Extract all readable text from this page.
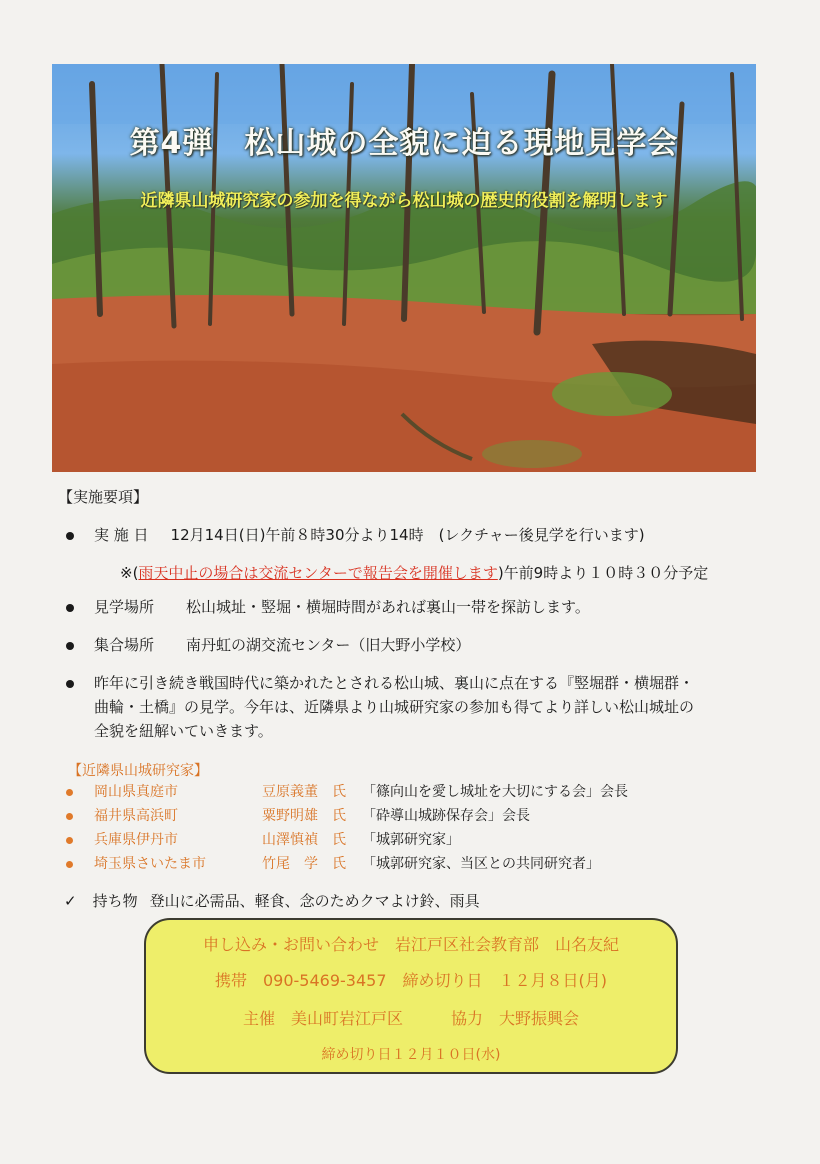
第4弾　松山城の全貌に迫る現地見学会
近隣県山城研究家の参加を得ながら松山城の歴史的役割を解明します
【実施要項】
実 施 日 12月14日(日)午前８時30分より14時　(レクチャー後見学を行います)
※(雨天中止の場合は交流センターで報告会を開催します)午前9時より１０時３０分予定
見学場所 松山城址・竪堀・横堀時間があれば裏山一帯を探訪します。
集合場所 南丹虹の湖交流センター（旧大野小学校）
昨年に引き続き戦国時代に築かれたとされる松山城、裏山に点在する『竪堀群・横堀群・
曲輪・土橋』の見学。今年は、近隣県より山城研究家の参加も得てより詳しい松山城址の
全貌を紐解いていきます。
【近隣県山城研究家】
岡山県真庭市	豆原義董　氏 「篠向山を愛し城址を大切にする会」会長
福井県高浜町	粟野明雄　氏 「砕導山城跡保存会」会長
兵庫県伊丹市	山澤慎禎　氏 「城郭研究家」
埼玉県さいたま市	竹尾　学　氏 「城郭研究家、当区との共同研究者」
✓ 持ち物 登山に必需品、軽食、念のためクマよけ鈴、雨具
申し込み・お問い合わせ　岩江戸区社会教育部　山名友紀
携帯　090-5469-3457　締め切り日　１２月８日(月)
主催　美山町岩江戸区　　　協力　大野振興会
締め切り日１２月１０日(水)
